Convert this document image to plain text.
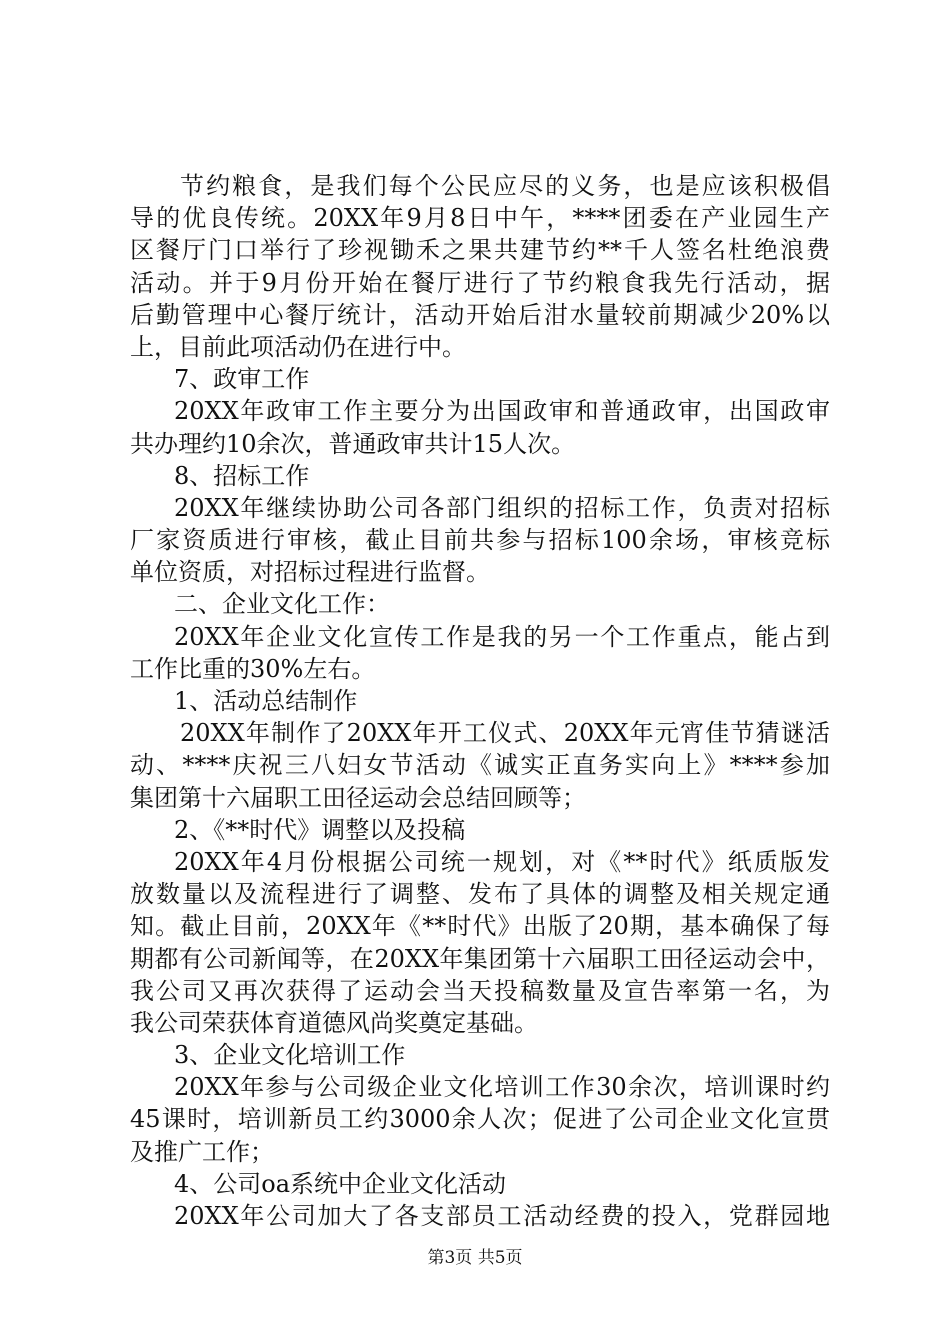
节约粮食，是我们每个公民应尽的义务，也是应该积极倡
导的优良传统。20XX年9月8日中午，****团委在产业园生产
区餐厅门口举行了珍视锄禾之果共建节约**千人签名杜绝浪费
活动。并于9月份开始在餐厅进行了节约粮食我先行活动，据
后勤管理中心餐厅统计，活动开始后泔水量较前期减少20%以
上，目前此项活动仍在进行中。
7、政审工作
20XX年政审工作主要分为出国政审和普通政审，出国政审
共办理约10余次，普通政审共计15人次。
8、招标工作
20XX年继续协助公司各部门组织的招标工作，负责对招标
厂家资质进行审核，截止目前共参与招标100余场，审核竞标
单位资质，对招标过程进行监督。
二、企业文化工作：
20XX年企业文化宣传工作是我的另一个工作重点，能占到
工作比重的30%左右。
1、活动总结制作
20XX年制作了20XX年开工仪式、20XX年元宵佳节猜谜活
动、****庆祝三八妇女节活动《诚实正直务实向上》****参加
集团第十六届职工田径运动会总结回顾等；
2、《**时代》调整以及投稿
20XX年4月份根据公司统一规划，对《**时代》纸质版发
放数量以及流程进行了调整、发布了具体的调整及相关规定通
知。截止目前，20XX年《**时代》出版了20期，基本确保了每
期都有公司新闻等，在20XX年集团第十六届职工田径运动会中，
我公司又再次获得了运动会当天投稿数量及宣告率第一名，为
我公司荣获体育道德风尚奖奠定基础。
3、企业文化培训工作
20XX年参与公司级企业文化培训工作30余次，培训课时约
45课时，培训新员工约3000余人次；促进了公司企业文化宣贯
及推广工作；
4、公司oa系统中企业文化活动
20XX年公司加大了各支部员工活动经费的投入，党群园地
第3页 共5页
